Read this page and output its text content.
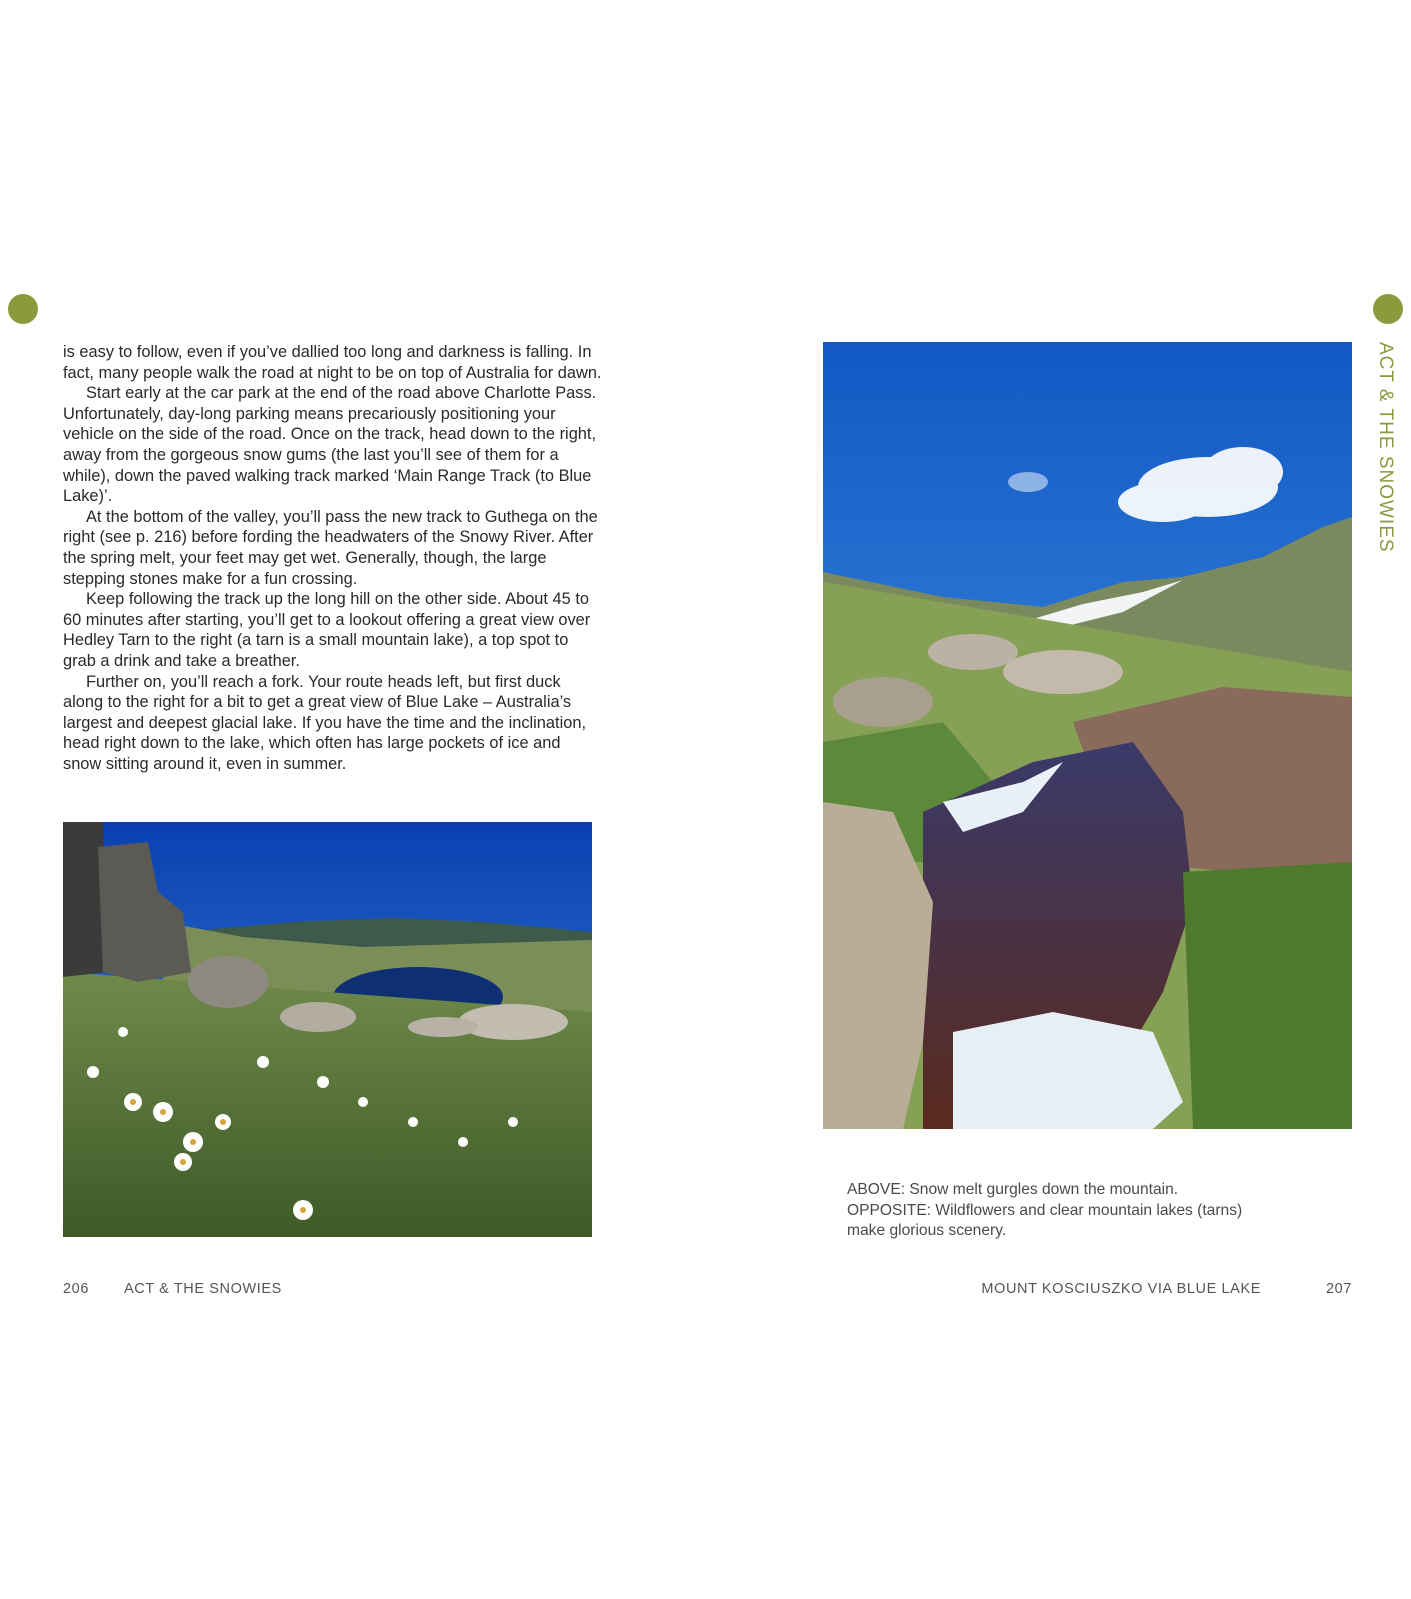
is easy to follow, even if you’ve dallied too long and darkness is falling. In fact, many people walk the road at night to be on top of Australia for dawn.

Start early at the car park at the end of the road above Charlotte Pass. Unfortunately, day-long parking means precariously positioning your vehicle on the side of the road. Once on the track, head down to the right, away from the gorgeous snow gums (the last you’ll see of them for a while), down the paved walking track marked ‘Main Range Track (to Blue Lake)’.

At the bottom of the valley, you’ll pass the new track to Guthega on the right (see p. 216) before fording the headwaters of the Snowy River. After the spring melt, your feet may get wet. Generally, though, the large stepping stones make for a fun crossing.

Keep following the track up the long hill on the other side. About 45 to 60 minutes after starting, you’ll get to a lookout offering a great view over Hedley Tarn to the right (a tarn is a small mountain lake), a top spot to grab a drink and take a breather.

Further on, you’ll reach a fork. Your route heads left, but first duck along to the right for a bit to get a great view of Blue Lake – Australia’s largest and deepest glacial lake. If you have the time and the inclination, head right down to the lake, which often has large pockets of ice and snow sitting around it, even in summer.

ABOVE: Snow melt gurgles down the mountain.
OPPOSITE: Wildflowers and clear mountain lakes (tarns)
make glorious scenery.
206 ACT & THE SNOWIES	MOUNT KOSCIUSZKO VIA BLUE LAKE	207
ACT & THE SNOWIES
